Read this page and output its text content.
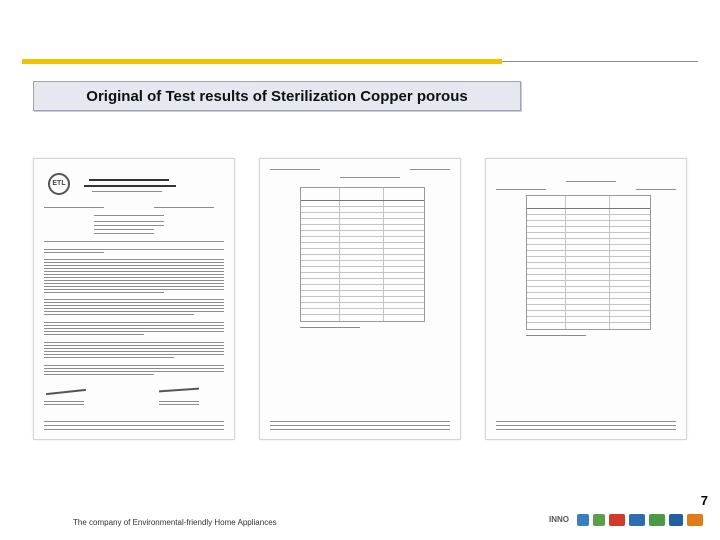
Original of Test results of Sterilization Copper porous
ETL
7
The company of Environmental-friendly Home Appliances	INNO
